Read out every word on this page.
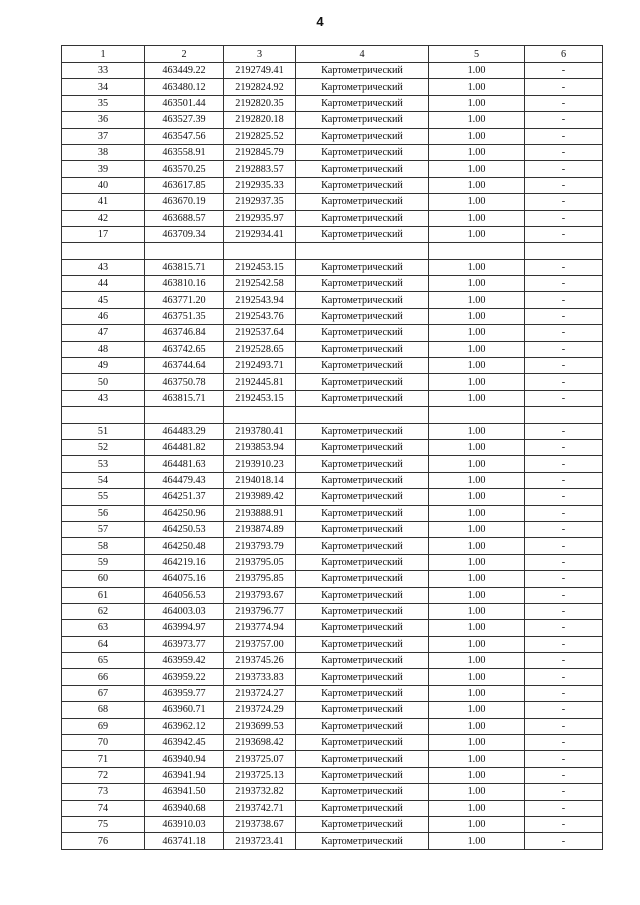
4
1	2	3	4	5	6
33	463449.22	2192749.41	Картометрический	1.00	-
34	463480.12	2192824.92	Картометрический	1.00	-
35	463501.44	2192820.35	Картометрический	1.00	-
36	463527.39	2192820.18	Картометрический	1.00	-
37	463547.56	2192825.52	Картометрический	1.00	-
38	463558.91	2192845.79	Картометрический	1.00	-
39	463570.25	2192883.57	Картометрический	1.00	-
40	463617.85	2192935.33	Картометрический	1.00	-
41	463670.19	2192937.35	Картометрический	1.00	-
42	463688.57	2192935.97	Картометрический	1.00	-
17	463709.34	2192934.41	Картометрический	1.00	-

43	463815.71	2192453.15	Картометрический	1.00	-
44	463810.16	2192542.58	Картометрический	1.00	-
45	463771.20	2192543.94	Картометрический	1.00	-
46	463751.35	2192543.76	Картометрический	1.00	-
47	463746.84	2192537.64	Картометрический	1.00	-
48	463742.65	2192528.65	Картометрический	1.00	-
49	463744.64	2192493.71	Картометрический	1.00	-
50	463750.78	2192445.81	Картометрический	1.00	-
43	463815.71	2192453.15	Картометрический	1.00	-

51	464483.29	2193780.41	Картометрический	1.00	-
52	464481.82	2193853.94	Картометрический	1.00	-
53	464481.63	2193910.23	Картометрический	1.00	-
54	464479.43	2194018.14	Картометрический	1.00	-
55	464251.37	2193989.42	Картометрический	1.00	-
56	464250.96	2193888.91	Картометрический	1.00	-
57	464250.53	2193874.89	Картометрический	1.00	-
58	464250.48	2193793.79	Картометрический	1.00	-
59	464219.16	2193795.05	Картометрический	1.00	-
60	464075.16	2193795.85	Картометрический	1.00	-
61	464056.53	2193793.67	Картометрический	1.00	-
62	464003.03	2193796.77	Картометрический	1.00	-
63	463994.97	2193774.94	Картометрический	1.00	-
64	463973.77	2193757.00	Картометрический	1.00	-
65	463959.42	2193745.26	Картометрический	1.00	-
66	463959.22	2193733.83	Картометрический	1.00	-
67	463959.77	2193724.27	Картометрический	1.00	-
68	463960.71	2193724.29	Картометрический	1.00	-
69	463962.12	2193699.53	Картометрический	1.00	-
70	463942.45	2193698.42	Картометрический	1.00	-
71	463940.94	2193725.07	Картометрический	1.00	-
72	463941.94	2193725.13	Картометрический	1.00	-
73	463941.50	2193732.82	Картометрический	1.00	-
74	463940.68	2193742.71	Картометрический	1.00	-
75	463910.03	2193738.67	Картометрический	1.00	-
76	463741.18	2193723.41	Картометрический	1.00	-
